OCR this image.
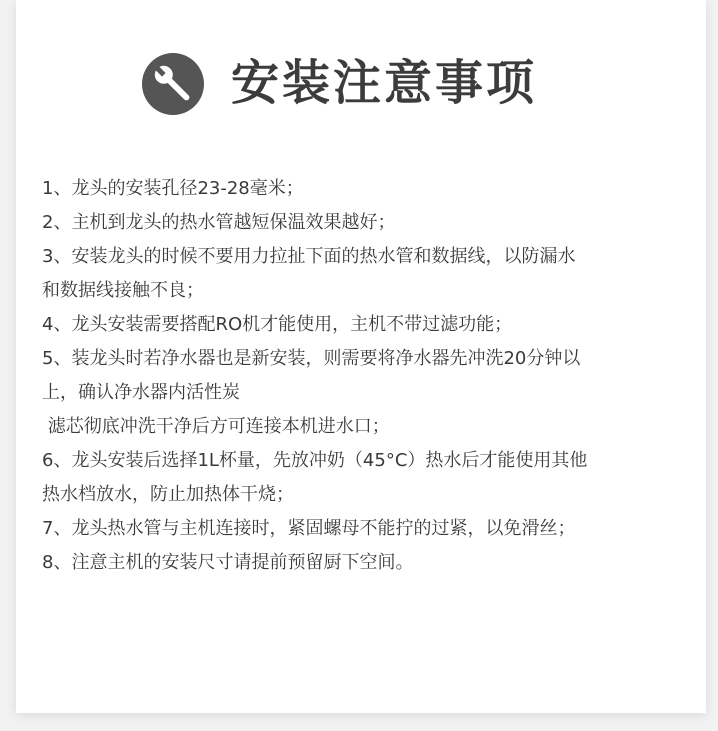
安装注意事项
1、龙头的安装孔径23-28毫米；
2、主机到龙头的热水管越短保温效果越好；
3、安装龙头的时候不要用力拉扯下面的热水管和数据线，以防漏水
和数据线接触不良；
4、龙头安装需要搭配RO机才能使用，主机不带过滤功能；
5、装龙头时若净水器也是新安装，则需要将净水器先冲洗20分钟以
上，确认净水器内活性炭
滤芯彻底冲洗干净后方可连接本机进水口；
6、龙头安装后选择1L杯量，先放冲奶（45°C）热水后才能使用其他
热水档放水，防止加热体干烧；
7、龙头热水管与主机连接时，紧固螺母不能拧的过紧，以免滑丝；
8、注意主机的安装尺寸请提前预留厨下空间。
